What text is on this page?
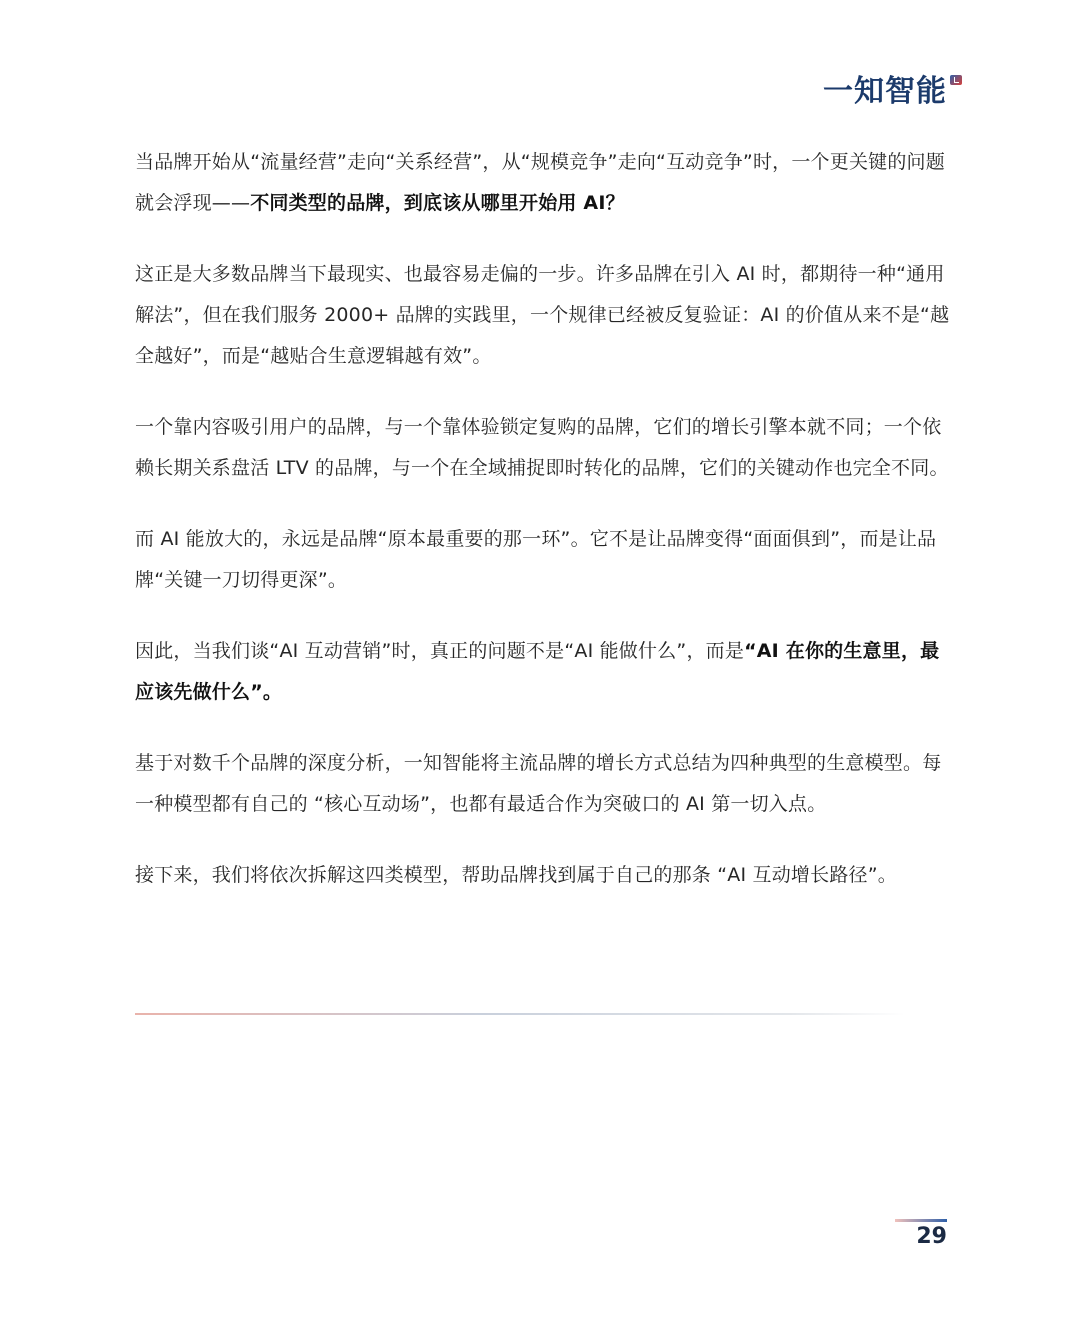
一知智能

当品牌开始从“流量经营”走向“关系经营”，从“规模竞争”走向“互动竞争”时，一个更关键的问题就会浮现——不同类型的品牌，到底该从哪里开始用 AI？

这正是大多数品牌当下最现实、也最容易走偏的一步。许多品牌在引入 AI 时，都期待一种“通用解法”，但在我们服务 2000+ 品牌的实践里，一个规律已经被反复验证：AI 的价值从来不是“越全越好”，而是“越贴合生意逻辑越有效”。

一个靠内容吸引用户的品牌，与一个靠体验锁定复购的品牌，它们的增长引擎本就不同；一个依赖长期关系盘活 LTV 的品牌，与一个在全域捕捉即时转化的品牌，它们的关键动作也完全不同。

而 AI 能放大的，永远是品牌“原本最重要的那一环”。它不是让品牌变得“面面俱到”，而是让品牌“关键一刀切得更深”。

因此，当我们谈“AI 互动营销”时，真正的问题不是“AI 能做什么”，而是“AI 在你的生意里，最应该先做什么”。

基于对数千个品牌的深度分析，一知智能将主流品牌的增长方式总结为四种典型的生意模型。每一种模型都有自己的 “核心互动场”，也都有最适合作为突破口的 AI 第一切入点。

接下来，我们将依次拆解这四类模型，帮助品牌找到属于自己的那条 “AI 互动增长路径”。

29
